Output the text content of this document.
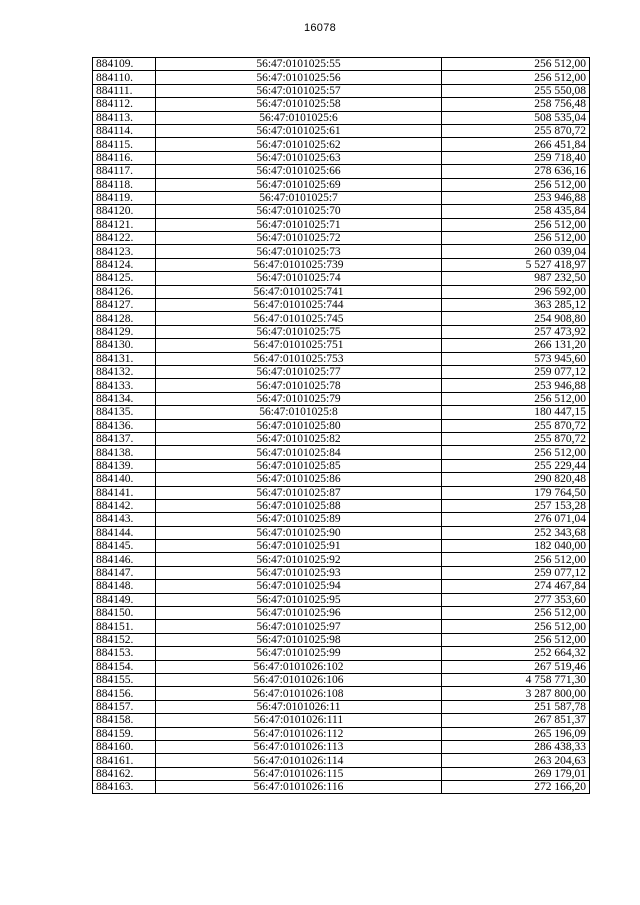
16078
884109.	56:47:0101025:55	256 512,00
884110.	56:47:0101025:56	256 512,00
884111.	56:47:0101025:57	255 550,08
884112.	56:47:0101025:58	258 756,48
884113.	56:47:0101025:6	508 535,04
884114.	56:47:0101025:61	255 870,72
884115.	56:47:0101025:62	266 451,84
884116.	56:47:0101025:63	259 718,40
884117.	56:47:0101025:66	278 636,16
884118.	56:47:0101025:69	256 512,00
884119.	56:47:0101025:7	253 946,88
884120.	56:47:0101025:70	258 435,84
884121.	56:47:0101025:71	256 512,00
884122.	56:47:0101025:72	256 512,00
884123.	56:47:0101025:73	260 039,04
884124.	56:47:0101025:739	5 527 418,97
884125.	56:47:0101025:74	987 232,50
884126.	56:47:0101025:741	296 592,00
884127.	56:47:0101025:744	363 285,12
884128.	56:47:0101025:745	254 908,80
884129.	56:47:0101025:75	257 473,92
884130.	56:47:0101025:751	266 131,20
884131.	56:47:0101025:753	573 945,60
884132.	56:47:0101025:77	259 077,12
884133.	56:47:0101025:78	253 946,88
884134.	56:47:0101025:79	256 512,00
884135.	56:47:0101025:8	180 447,15
884136.	56:47:0101025:80	255 870,72
884137.	56:47:0101025:82	255 870,72
884138.	56:47:0101025:84	256 512,00
884139.	56:47:0101025:85	255 229,44
884140.	56:47:0101025:86	290 820,48
884141.	56:47:0101025:87	179 764,50
884142.	56:47:0101025:88	257 153,28
884143.	56:47:0101025:89	276 071,04
884144.	56:47:0101025:90	252 343,68
884145.	56:47:0101025:91	182 040,00
884146.	56:47:0101025:92	256 512,00
884147.	56:47:0101025:93	259 077,12
884148.	56:47:0101025:94	274 467,84
884149.	56:47:0101025:95	277 353,60
884150.	56:47:0101025:96	256 512,00
884151.	56:47:0101025:97	256 512,00
884152.	56:47:0101025:98	256 512,00
884153.	56:47:0101025:99	252 664,32
884154.	56:47:0101026:102	267 519,46
884155.	56:47:0101026:106	4 758 771,30
884156.	56:47:0101026:108	3 287 800,00
884157.	56:47:0101026:11	251 587,78
884158.	56:47:0101026:111	267 851,37
884159.	56:47:0101026:112	265 196,09
884160.	56:47:0101026:113	286 438,33
884161.	56:47:0101026:114	263 204,63
884162.	56:47:0101026:115	269 179,01
884163.	56:47:0101026:116	272 166,20
